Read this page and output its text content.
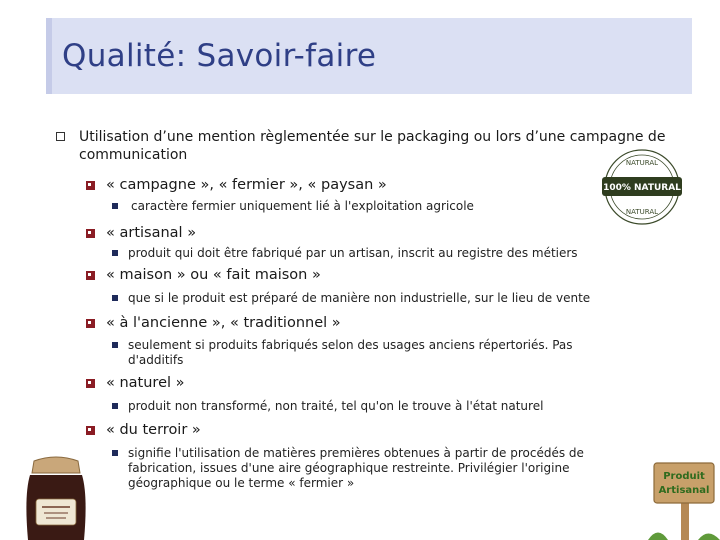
Qualité: Savoir-faire
Utilisation d’une mention règlementée sur le packaging ou lors d’une campagne de communication
« campagne », « fermier », « paysan »
caractère fermier uniquement lié à l'exploitation agricole
« artisanal »
produit qui doit être fabriqué par un artisan, inscrit au registre des métiers
« maison » ou « fait maison »
que si le produit est préparé de manière non industrielle, sur le lieu de vente
« à l'ancienne », « traditionnel »
seulement si produits fabriqués selon des usages anciens répertoriés. Pas d'additifs
« naturel »
produit non transformé, non traité, tel qu'on le trouve à l'état naturel
« du terroir »
signifie l'utilisation de matières premières obtenues à partir de procédés de fabrication, issues d'une aire géographique restreinte. Privilégier l'origine géographique ou le terme « fermier »
NATURAL
100% NATURAL
NATURAL
Produit
Artisanal
